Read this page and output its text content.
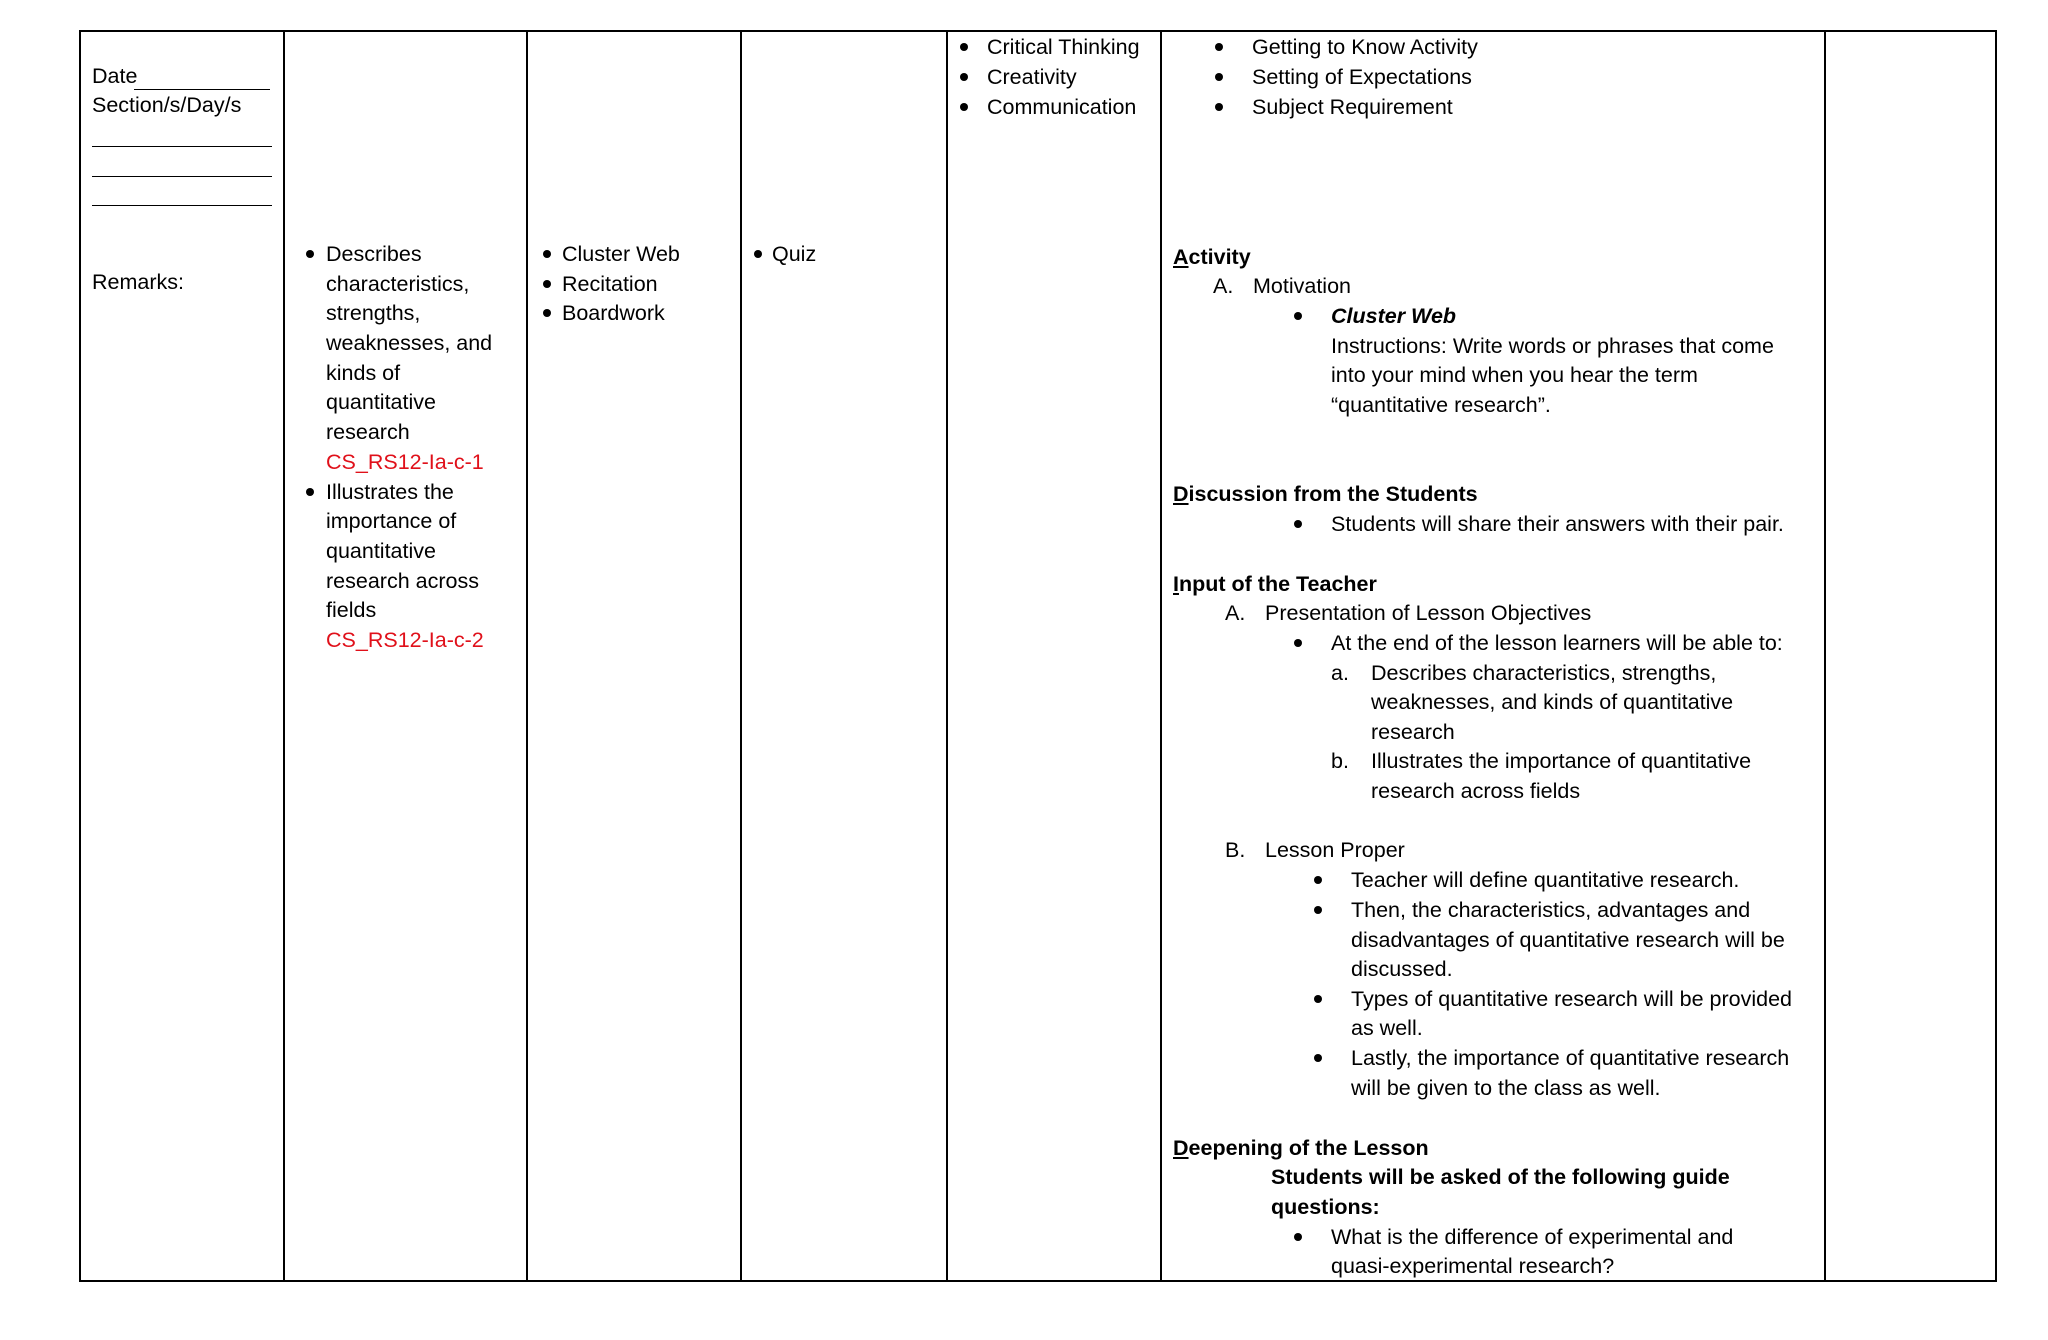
Date
Section/s/Day/s
Remarks:
Describes
characteristics,
strengths,
weaknesses, and
kinds of
quantitative
research
CS_RS12-Ia-c-1
Illustrates the
importance of
quantitative
research across
fields
CS_RS12-Ia-c-2
Cluster Web
Recitation
Boardwork
Quiz
Critical Thinking
Creativity
Communication
Getting to Know Activity
Setting of Expectations
Subject Requirement
Activity
A. Motivation
Cluster Web
Instructions: Write words or phrases that come
into your mind when you hear the term
“quantitative research”.
Discussion from the Students
Students will share their answers with their pair.
Input of the Teacher
A. Presentation of Lesson Objectives
At the end of the lesson learners will be able to:
a. Describes characteristics, strengths,
weaknesses, and kinds of quantitative
research
b. Illustrates the importance of quantitative
research across fields
B. Lesson Proper
Teacher will define quantitative research.
Then, the characteristics, advantages and
disadvantages of quantitative research will be
discussed.
Types of quantitative research will be provided
as well.
Lastly, the importance of quantitative research
will be given to the class as well.
Deepening of the Lesson
Students will be asked of the following guide
questions:
What is the difference of experimental and
quasi-experimental research?
